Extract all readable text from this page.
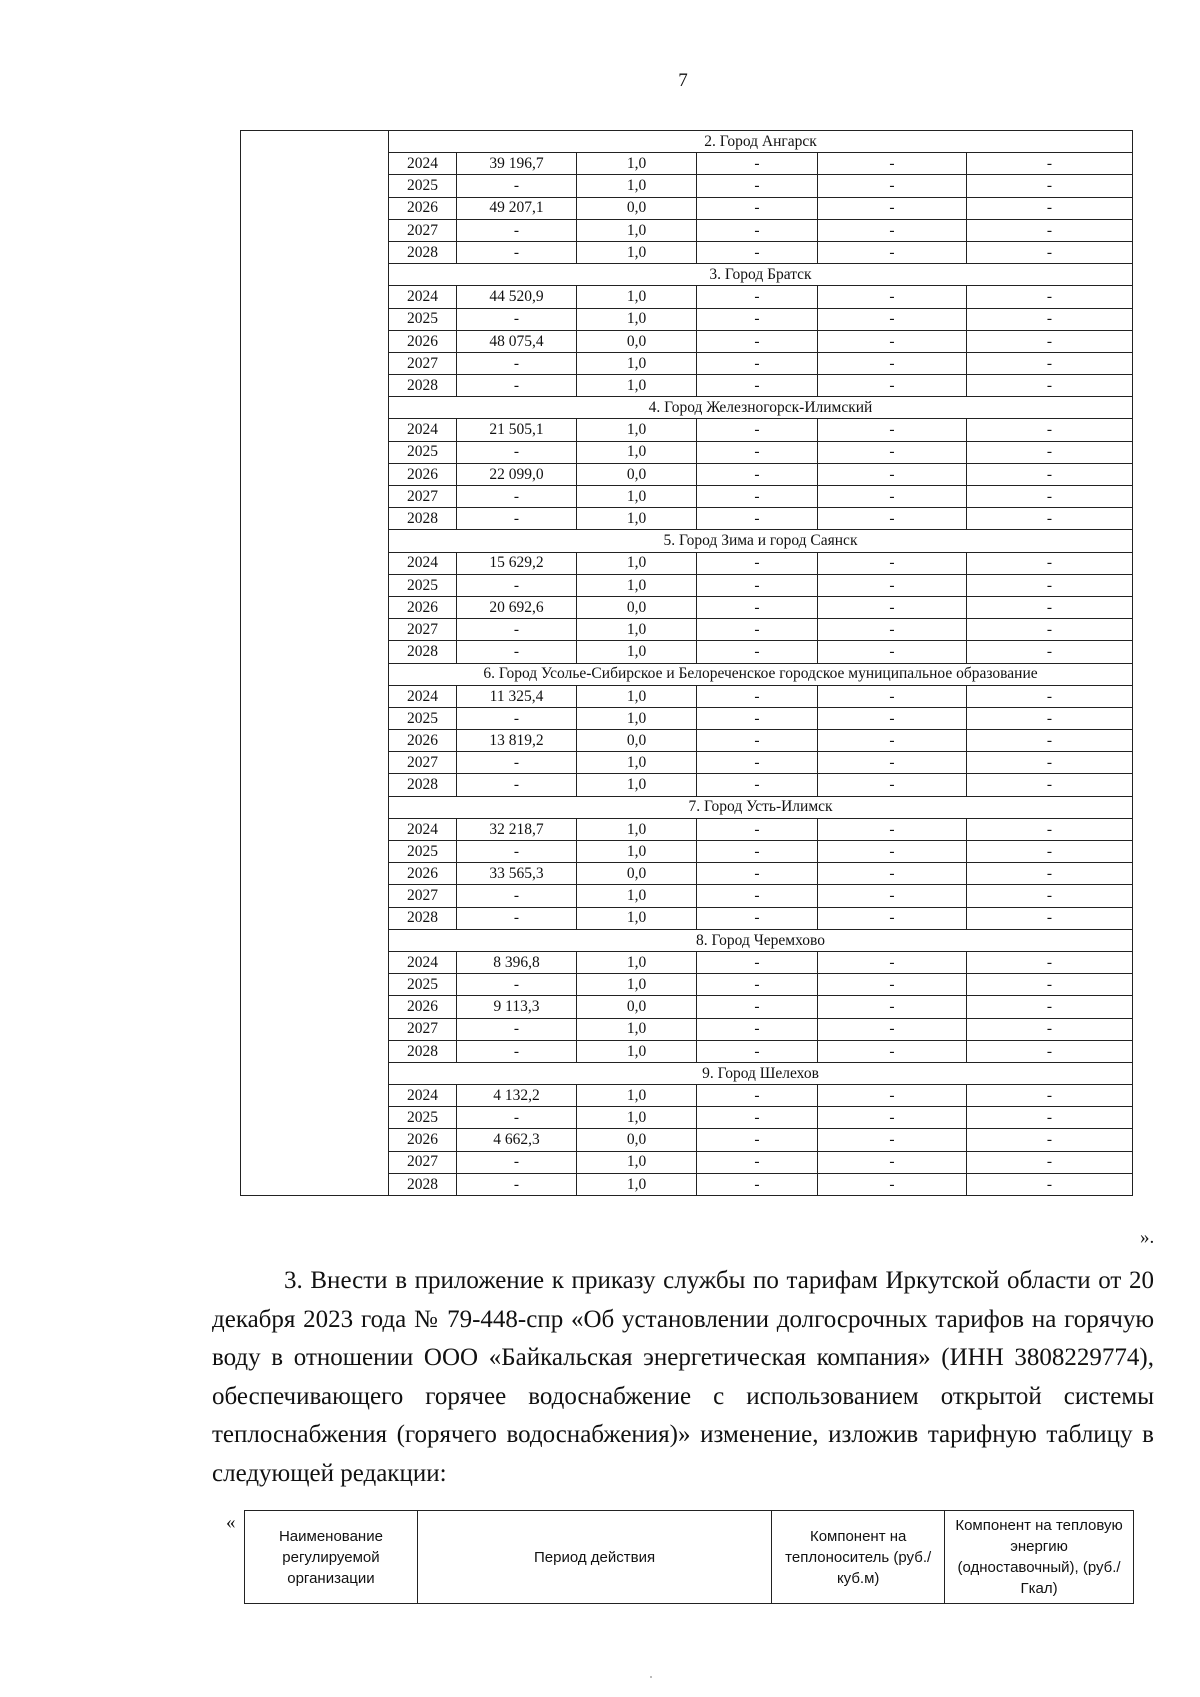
7
	2. Город Ангарск					
	2024	39 196,7	1,0	-	-	-
	2025	-	1,0	-	-	-
	2026	49 207,1	0,0	-	-	-
	2027	-	1,0	-	-	-
	2028	-	1,0	-	-	-
	3. Город Братск					
	2024	44 520,9	1,0	-	-	-
	2025	-	1,0	-	-	-
	2026	48 075,4	0,0	-	-	-
	2027	-	1,0	-	-	-
	2028	-	1,0	-	-	-
	4. Город Железногорск-Илимский					
	2024	21 505,1	1,0	-	-	-
	2025	-	1,0	-	-	-
	2026	22 099,0	0,0	-	-	-
	2027	-	1,0	-	-	-
	2028	-	1,0	-	-	-
	5. Город Зима и город Саянск					
	2024	15 629,2	1,0	-	-	-
	2025	-	1,0	-	-	-
	2026	20 692,6	0,0	-	-	-
	2027	-	1,0	-	-	-
	2028	-	1,0	-	-	-
	6. Город Усолье-Сибирское и Белореченское городское муниципальное образование					
	2024	11 325,4	1,0	-	-	-
	2025	-	1,0	-	-	-
	2026	13 819,2	0,0	-	-	-
	2027	-	1,0	-	-	-
	2028	-	1,0	-	-	-
	7. Город Усть-Илимск					
	2024	32 218,7	1,0	-	-	-
	2025	-	1,0	-	-	-
	2026	33 565,3	0,0	-	-	-
	2027	-	1,0	-	-	-
	2028	-	1,0	-	-	-
	8. Город Черемхово					
	2024	8 396,8	1,0	-	-	-
	2025	-	1,0	-	-	-
	2026	9 113,3	0,0	-	-	-
	2027	-	1,0	-	-	-
	2028	-	1,0	-	-	-
	9. Город Шелехов					
	2024	4 132,2	1,0	-	-	-
	2025	-	1,0	-	-	-
	2026	4 662,3	0,0	-	-	-
	2027	-	1,0	-	-	-
	2028	-	1,0	-	-	-
».

3. Внести в приложение к приказу службы по тарифам Иркутской области от 20 декабря 2023 года № 79-448-спр «Об установлении долгосрочных тарифов на горячую воду в отношении ООО «Байкальская энергетическая компания» (ИНН 3808229774), обеспечивающего горячее водоснабжение с использованием открытой системы теплоснабжения (горячего водоснабжения)» изменение, изложив тарифную таблицу в следующей редакции:

«
Наименование регулируемой организации	Период действия	Компонент на теплоноситель (руб./куб.м)	Компонент на тепловую энергию (одноставочный), (руб./Гкал)
